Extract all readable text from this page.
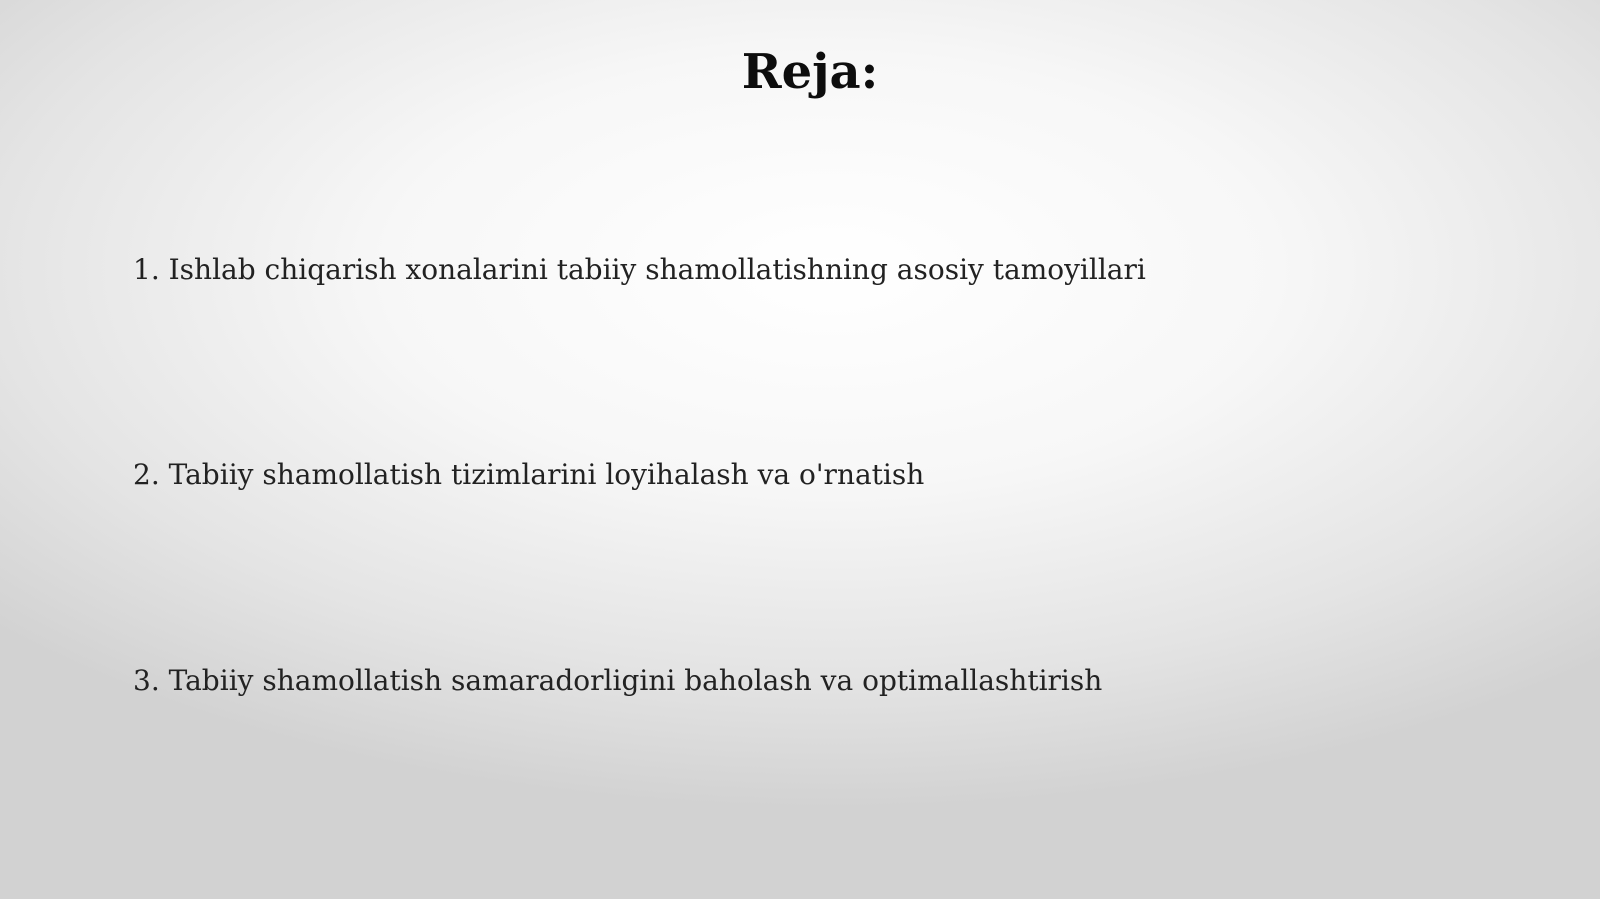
Reja:
1. Ishlab chiqarish xonalarini tabiiy shamollatishning asosiy tamoyillari
2. Tabiiy shamollatish tizimlarini loyihalash va o'rnatish
3. Tabiiy shamollatish samaradorligini baholash va optimallashtirish
